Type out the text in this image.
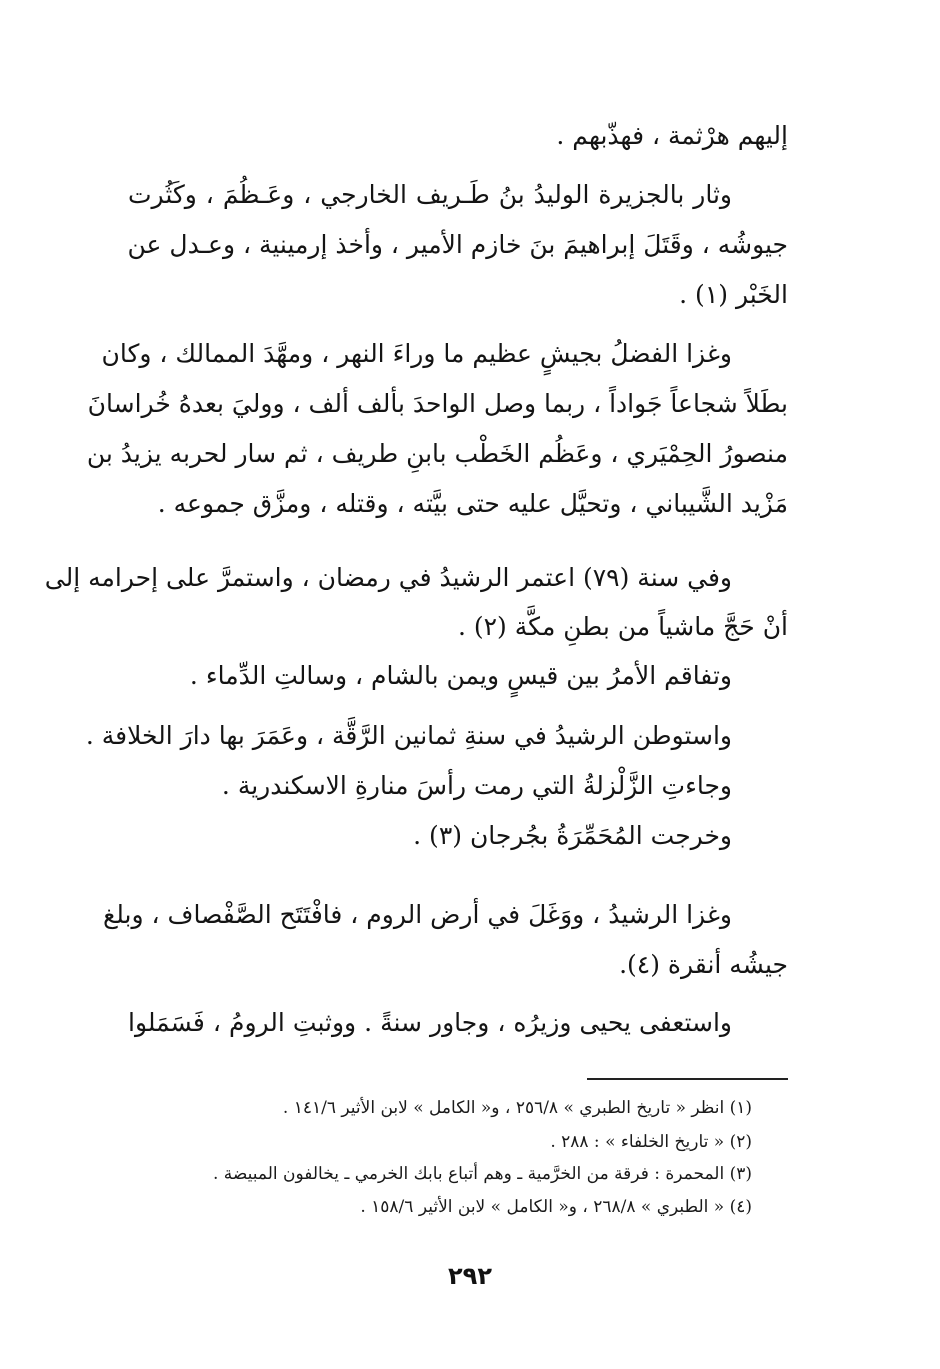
إليهم هرْثمة ، فهذّبهم .

وثار بالجزيرة الوليدُ بنُ طَـريف الخارجي ، وعَـظُمَ ، وكَثُرت

جيوشُه ، وقَتَلَ إبراهيمَ بنَ خازم الأمير ، وأخذ إرمينية ، وعـدل عن

الخَبْر (١) .

وغزا الفضلُ بجيشٍ عظيم ما وراءَ النهر ، ومهَّدَ الممالك ، وكان

بطَلاً شجاعاً جَواداً ، ربما وصل الواحدَ بألف ألف ، ووليَ بعدهُ خُراسانَ

منصورُ الحِمْيَري ، وعَظُم الخَطْب بابنِ طريف ، ثم سار لحربه يزيدُ بن

مَزْيد الشَّيباني ، وتحيَّل عليه حتى بيَّته ، وقتله ، ومزَّق جموعه .

وفي سنة (٧٩) اعتمر الرشيدُ في رمضان ، واستمرَّ على إحرامه إلى

أنْ حَجَّ ماشياً من بطنِ مكَّة (٢) .

وتفاقم الأمرُ بين قيسٍ ويمن بالشام ، وسالتِ الدِّماء .

واستوطن الرشيدُ في سنةِ ثمانين الرَّقَّة ، وعَمَرَ بها دارَ الخلافة .

وجاءتِ الزَّلْزلةُ التي رمت رأسَ منارةِ الاسكندرية .

وخرجت المُحَمِّرَةُ بجُرجان (٣) .

وغزا الرشيدُ ، ووَغَلَ في أرض الروم ، فافْتَتَح الصَّفْصاف ، وبلغ

جيشُه أنقرة (٤).

واستعفى يحيى وزيرُه ، وجاور سنةً . ووثبتِ الرومُ ، فَسَمَلوا

(١) انظر « تاريخ الطبري » ٢٥٦/٨ ، و« الكامل » لابن الأثير ١٤١/٦ .
(٢) « تاريخ الخلفاء » : ٢٨٨ .
(٣) المحمرة : فرقة من الخرَّمية ـ وهم أتباع بابك الخرمي ـ يخالفون المبيضة .
(٤) « الطبري » ٢٦٨/٨ ، و« الكامل » لابن الأثير ١٥٨/٦ .
٢٩٢
